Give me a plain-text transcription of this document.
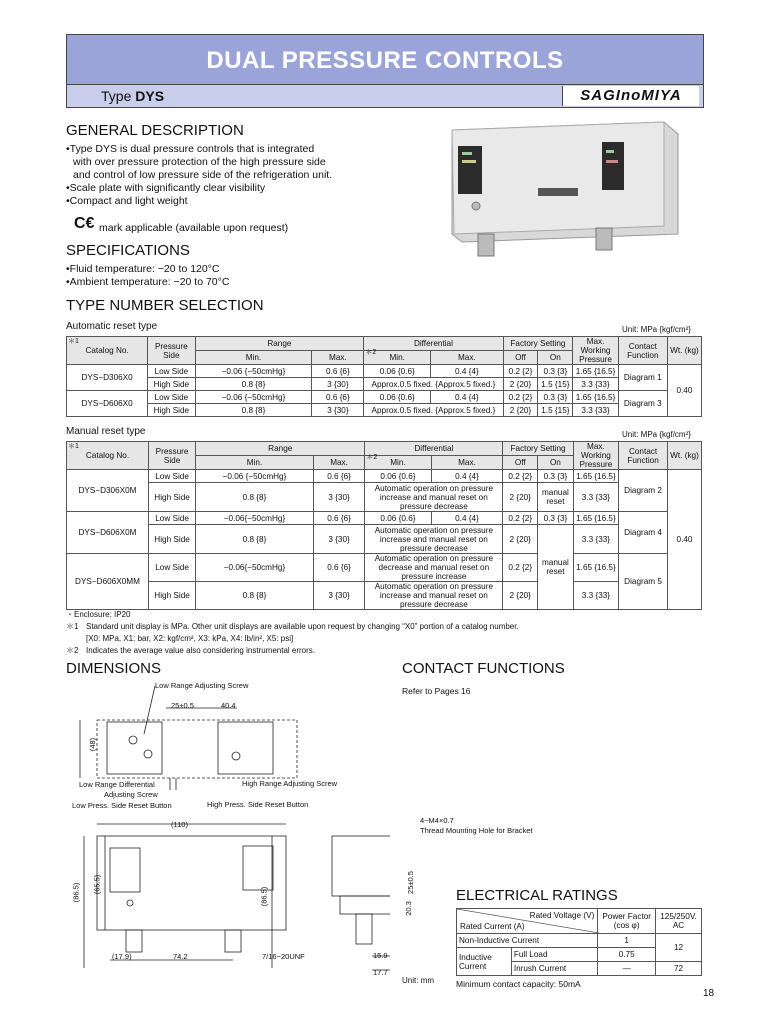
DUAL PRESSURE CONTROLS
Type DYS	SAGInoMIYA
GENERAL DESCRIPTION
•Type DYS is dual pressure controls that is integrated
with over pressure protection of the high pressure side
and control of low pressure side of the refrigeration unit.
•Scale plate with significantly clear visibility
•Compact and light weight
C€ mark applicable (available upon request)
SPECIFICATIONS
•Fluid temperature: −20 to 120°C
•Ambient temperature: −20 to 70°C
TYPE NUMBER SELECTION
Automatic reset type	Unit: MPa {kgf/cm²}
＊1
Catalog No.	Pressure Side	Range		Differential		Factory Setting		Max. Working Pressure	Contact Function	Wt. (kg)
		Min.	Max.	＊2
Min.	Max.	Off	On			
DYS−D306X0	Low Side	−0.06 {−50cmHg}	0.6 {6}	0.06 {0.6}	0.4 {4}	0.2 {2}	0.3 {3}	1.65 {16.5}	Diagram 1	0.40
	High Side	0.8 {8}	3 {30}	Approx.0.5 fixed. {Approx.5 fixed.}		2 {20}	1.5 {15}	3.3 {33}		
DYS−D606X0	Low Side	−0.06 {−50cmHg}	0.6 {6}	0.06 {0.6}	0.4 {4}	0.2 {2}	0.3 {3}	1.65 {16.5}	Diagram 3	
	High Side	0.8 {8}	3 {30}	Approx.0.5 fixed. {Approx.5 fixed.}		2 {20}	1.5 {15}	3.3 {33}		
Manual reset type	Unit: MPa {kgf/cm²}
＊1
Catalog No.	Pressure Side	Range		Differential		Factory Setting		Max. Working Pressure	Contact Function	Wt. (kg)
		Min.	Max.	＊2
Min.	Max.	Off	On			
DYS−D306X0M	Low Side	−0.06 {−50cmHg}	0.6 {6}	0.06 {0.6}	0.4 {4}	0.2 {2}	0.3 {3}	1.65 {16.5}	Diagram 2	0.40
	High Side	0.8 {8}	3 {30}	Automatic operation on pressure increase and manual reset on pressure decrease		2 {20}	manual reset	3.3 {33}		
DYS−D606X0M	Low Side	−0.06{−50cmHg}	0.6 {6}	0.06 {0.6}	0.4 {4}	0.2 {2}	0.3 {3}	1.65 {16.5}	Diagram 4	
	High Side	0.8 {8}	3 {30}	Automatic operation on pressure increase and manual reset on pressure decrease		2 {20}	manual reset	3.3 {33}		
DYS−D606X0MM	Low Side	−0.06{−50cmHg}	0.6 {6}	Automatic operation on pressure decrease and manual reset on pressure increase		0.2 {2}		1.65 {16.5}	Diagram 5	
	High Side	0.8 {8}	3 {30}	Automatic operation on pressure increase and manual reset on pressure decrease		2 {20}		3.3 {33}		
・Enclosure: IP20
＊1 Standard unit display is MPa. Other unit displays are available upon request by changing “X0” portion of a catalog number.
[X0: MPa, X1: bar, X2: kgf/cm², X3: kPa, X4: lb/in², X5: psi]
＊2 Indicates the average value also considering instrumental errors.
DIMENSIONS
Low Range Adjusting Screw
25±0.5	40.4
(48)
Low Range Differential
Adjusting Screw
High Range Adjusting Screw
Low Press. Side Reset Button	High Press. Side Reset Button
(110)
(86.5) (65.5)
(86.5)
(17.9)	74.2	7/16−20UNF
4−M4×0.7
Thread Mounting Hole for Bracket
25±0.5
20.3
15.9
17.7
Unit: mm
CONTACT FUNCTIONS
Refer to Pages 16
ELECTRICAL RATINGS
Rated Voltage (V)
Rated Current (A)		Power Factor (cos φ)	125/250V. AC
Non-Inductive Current		1	12
Inductive Current	Full Load	0.75	
	Inrush Current	—	72
Minimum contact capacity: 50mA
18
